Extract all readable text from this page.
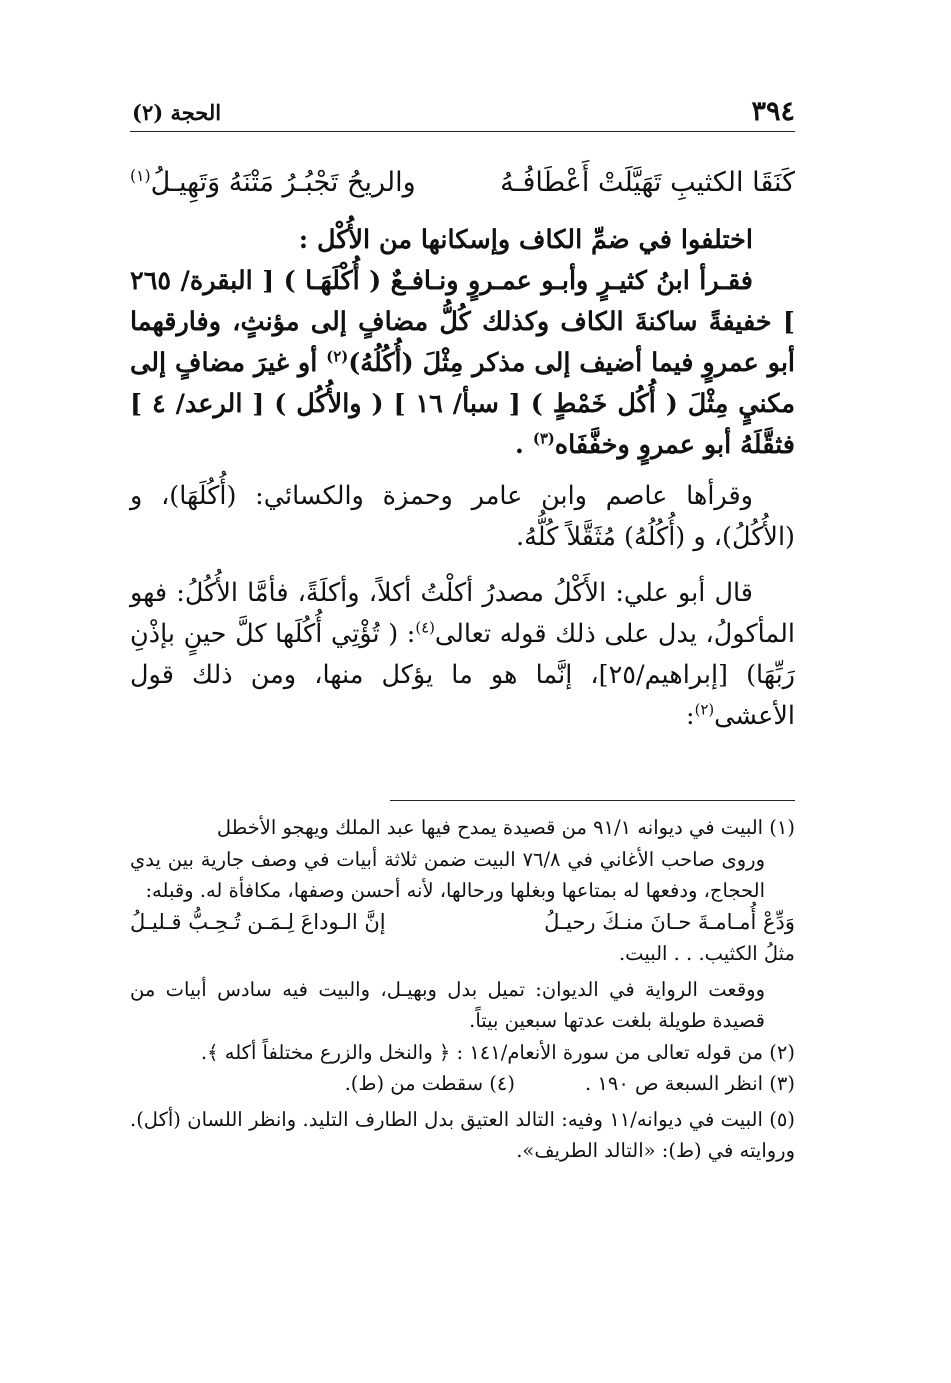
٣٩٤
الحجة (٢)
كَنَقَا الكثيبِ تَهَيَّلَتْ أَعْطَافُـهُ
والريحُ تَجْبُـرُ مَتْنَهُ وَتَهِيـلُ$^{(١)}$

اختلفوا في ضمِّ الكاف وإسكانها من الأُكْل :

فقـرأ ابنُ كثيـرٍ وأبـو عمـروٍ ونـافـعٌ ( أُكْلَهَـا ) [ البقرة/ ٢٦٥ ] خفيفةً ساكنةَ الكاف وكذلك كُلُّ مضافٍ إلى مؤنثٍ، وفارقهما أبو عمروٍ فيما أضيف إلى مذكر مِثْلَ (أُكُلُهُ)$^{(٢)}$ أو غيرَ مضافٍ إلى مكنيٍ مِثْلَ ( أُكُل خَمْطٍ ) [ سبأ/ ١٦ ] ( والأُكُل ) [ الرعد/ ٤ ] فثقَّلَهُ أبو عمروٍ وخفَّفَاه$^{(٣)}$ .

وقرأها عاصم وابن عامر وحمزة والكسائي: (أُكُلَهَا)، و (الأُكُلُ)، و (أُكُلُهُ) مُثَقَّلاً كُلُّهُ.

قال أبو علي: الأَكْلُ مصدرُ أكلْتُ أكلاً، وأكلَةً، فأمَّا الأُكُلُ: فهو المأكولُ، يدل على ذلك قوله تعالى$^{(٤)}$: ( تُؤْتِي أُكُلَها كلَّ حينٍ بإذْنِ رَبِّهَا) [إبراهيم/٢٥]، إنَّما هو ما يؤكل منها، ومن ذلك قول الأعشى$^{(٢)}$:

(١) البيت في ديوانه ٩١/١ من قصيدة يمدح فيها عبد الملك ويهجو الأخطل

وروى صاحب الأغاني في ٧٦/٨ البيت ضمن ثلاثة أبيات في وصف جارية بين يدي الحجاج، ودفعها له بمتاعها وبغلها ورحالها، لأنه أحسن وصفها، مكافأة له. وقبله:

وَدِّعْ أُمـامـةَ حـانَ منـكَ رحيـلُ
إنَّ الـوداعَ لِـمَـن تُـحِـبُّ قـليـلُ

مثلُ الكثيب. . . البيت.

ووقعت الرواية في الديوان: تميل بدل وبهيـل، والبيت فيه سادس أبيات من قصيدة طويلة بلغت عدتها سبعين بيتاً.

(٢) من قوله تعالى من سورة الأنعام/١٤١ : ﴿ والنخل والزرع مختلفاً أكله ﴾.

(٣) انظر السبعة ص ١٩٠ .
(٤) سقطت من (ط).

(٥) البيت في ديوانه/١١ وفيه: التالد العتيق بدل الطارف التليد. وانظر اللسان (أكل). وروايته في (ط): «التالد الطريف».
